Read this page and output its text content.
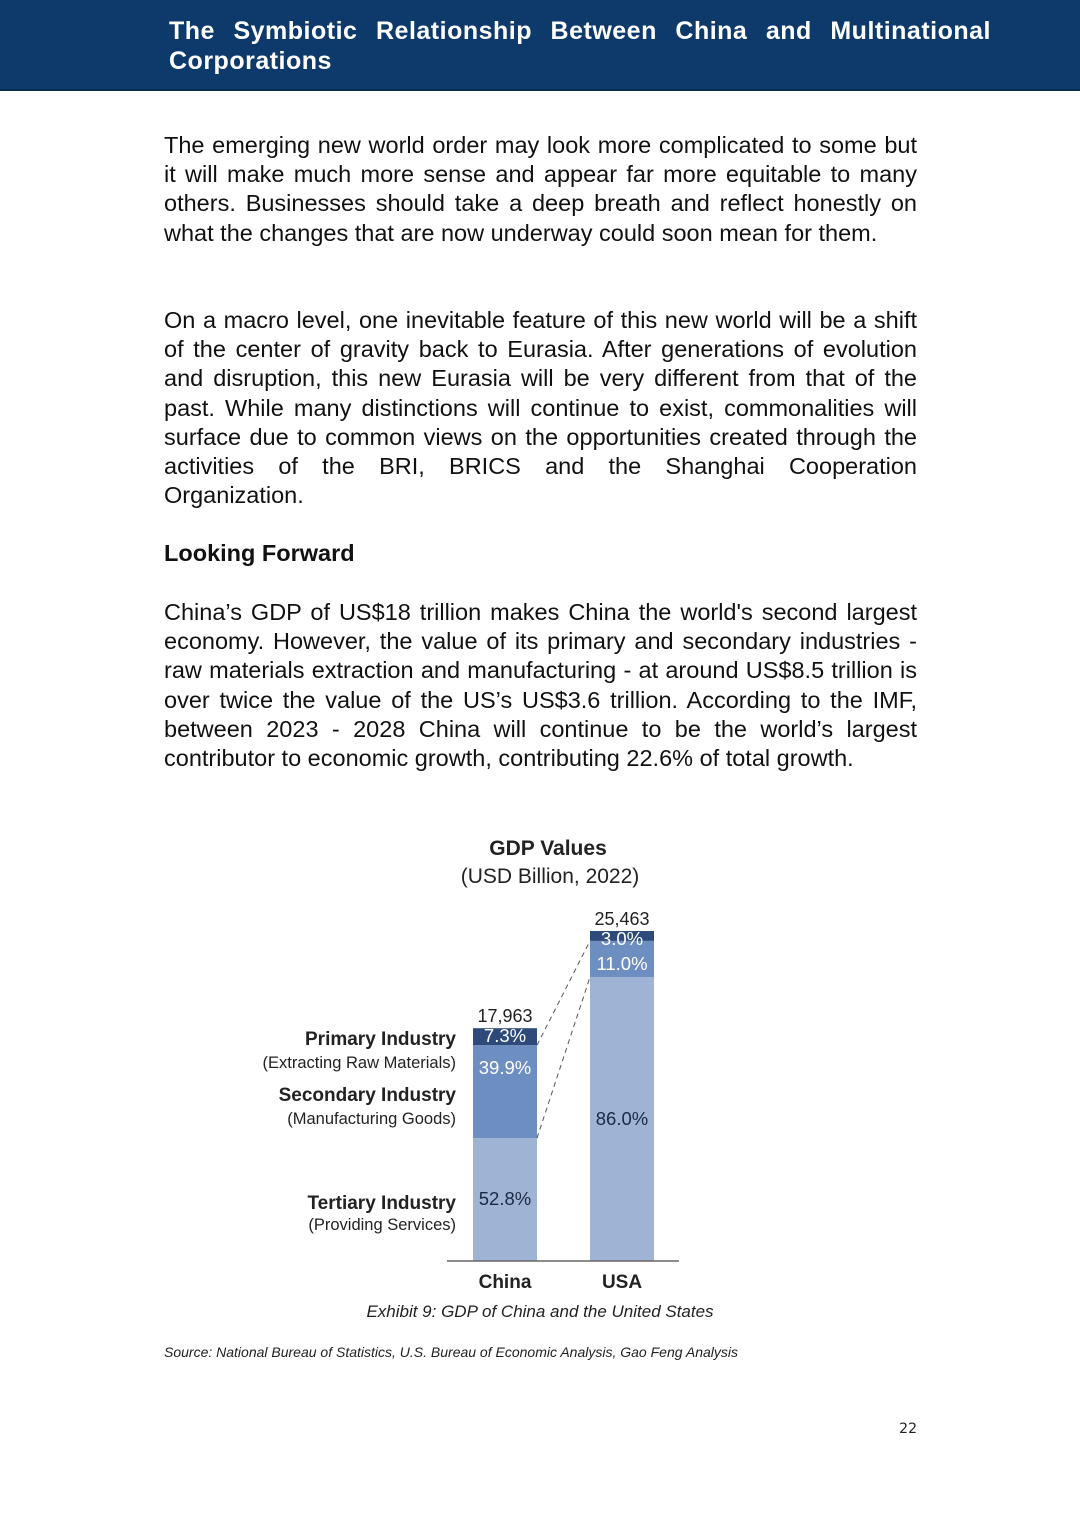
The Symbiotic Relationship Between China and Multinational Corporations

The emerging new world order may look more complicated to some but it will make much more sense and appear far more equitable to many others. Businesses should take a deep breath and reflect honestly on what the changes that are now underway could soon mean for them.

On a macro level, one inevitable feature of this new world will be a shift of the center of gravity back to Eurasia. After generations of evolution and disruption, this new Eurasia will be very different from that of the past. While many distinctions will continue to exist, commonalities will surface due to common views on the opportunities created through the activities of the BRI, BRICS and the Shanghai Cooperation Organization.

Looking Forward

China’s GDP of US$18 trillion makes China the world's second largest economy. However, the value of its primary and secondary industries - raw materials extraction and manufacturing - at around US$8.5 trillion is over twice the value of the US’s US$3.6 trillion. According to the IMF, between 2023 - 2028 China will continue to be the world’s largest contributor to economic growth, contributing 22.6% of total growth.

GDP Values
(USD Billion, 2022)
17,963
China
25,463
USA
52.8%
39.9%
7.3%
86.0%
11.0%
3.0%
Tertiary Industry
(Providing Services)
Secondary Industry
(Manufacturing Goods)
Primary Industry
(Extracting Raw Materials)
Exhibit 9: GDP of China and the United States
Source: National Bureau of Statistics, U.S. Bureau of Economic Analysis, Gao Feng Analysis
22
